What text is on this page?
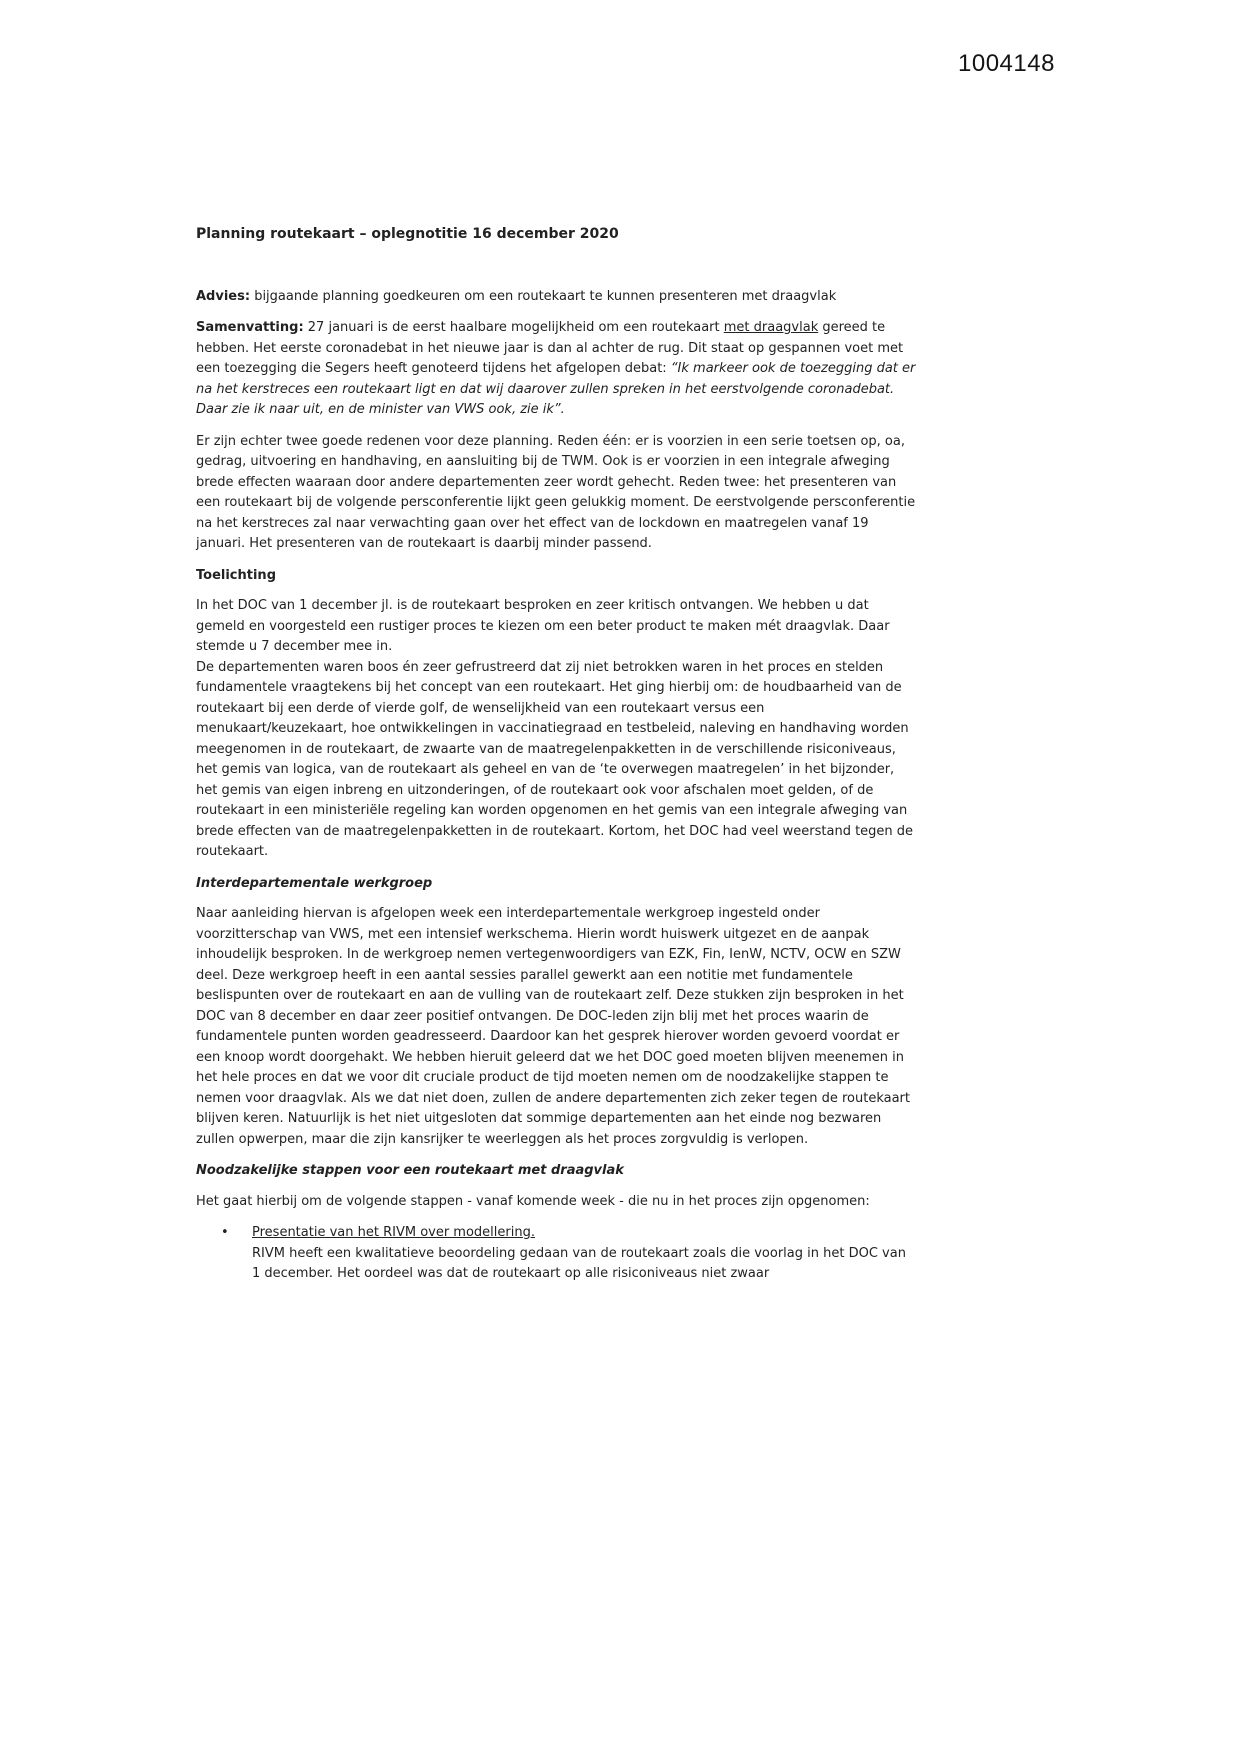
1004148

Planning routekaart – oplegnotitie 16 december 2020

Advies: bijgaande planning goedkeuren om een routekaart te kunnen presenteren met draagvlak

Samenvatting: 27 januari is de eerst haalbare mogelijkheid om een routekaart met draagvlak gereed te hebben. Het eerste coronadebat in het nieuwe jaar is dan al achter de rug. Dit staat op gespannen voet met een toezegging die Segers heeft genoteerd tijdens het afgelopen debat: “Ik markeer ook de toezegging dat er na het kerstreces een routekaart ligt en dat wij daarover zullen spreken in het eerstvolgende coronadebat. Daar zie ik naar uit, en de minister van VWS ook, zie ik”.

Er zijn echter twee goede redenen voor deze planning. Reden één: er is voorzien in een serie toetsen op, oa, gedrag, uitvoering en handhaving, en aansluiting bij de TWM. Ook is er voorzien in een integrale afweging brede effecten waaraan door andere departementen zeer wordt gehecht. Reden twee: het presenteren van een routekaart bij de volgende persconferentie lijkt geen gelukkig moment. De eerstvolgende persconferentie na het kerstreces zal naar verwachting gaan over het effect van de lockdown en maatregelen vanaf 19 januari. Het presenteren van de routekaart is daarbij minder passend.

Toelichting

In het DOC van 1 december jl. is de routekaart besproken en zeer kritisch ontvangen. We hebben u dat gemeld en voorgesteld een rustiger proces te kiezen om een beter product te maken mét draagvlak. Daar stemde u 7 december mee in.
De departementen waren boos én zeer gefrustreerd dat zij niet betrokken waren in het proces en stelden fundamentele vraagtekens bij het concept van een routekaart. Het ging hierbij om: de houdbaarheid van de routekaart bij een derde of vierde golf, de wenselijkheid van een routekaart versus een menukaart/keuzekaart, hoe ontwikkelingen in vaccinatiegraad en testbeleid, naleving en handhaving worden meegenomen in de routekaart, de zwaarte van de maatregelenpakketten in de verschillende risiconiveaus, het gemis van logica, van de routekaart als geheel en van de ‘te overwegen maatregelen’ in het bijzonder, het gemis van eigen inbreng en uitzonderingen, of de routekaart ook voor afschalen moet gelden, of de routekaart in een ministeriële regeling kan worden opgenomen en het gemis van een integrale afweging van brede effecten van de maatregelenpakketten in de routekaart. Kortom, het DOC had veel weerstand tegen de routekaart.

Interdepartementale werkgroep

Naar aanleiding hiervan is afgelopen week een interdepartementale werkgroep ingesteld onder voorzitterschap van VWS, met een intensief werkschema. Hierin wordt huiswerk uitgezet en de aanpak inhoudelijk besproken. In de werkgroep nemen vertegenwoordigers van EZK, Fin, IenW, NCTV, OCW en SZW deel. Deze werkgroep heeft in een aantal sessies parallel gewerkt aan een notitie met fundamentele beslispunten over de routekaart en aan de vulling van de routekaart zelf. Deze stukken zijn besproken in het DOC van 8 december en daar zeer positief ontvangen. De DOC-leden zijn blij met het proces waarin de fundamentele punten worden geadresseerd. Daardoor kan het gesprek hierover worden gevoerd voordat er een knoop wordt doorgehakt. We hebben hieruit geleerd dat we het DOC goed moeten blijven meenemen in het hele proces en dat we voor dit cruciale product de tijd moeten nemen om de noodzakelijke stappen te nemen voor draagvlak. Als we dat niet doen, zullen de andere departementen zich zeker tegen de routekaart blijven keren. Natuurlijk is het niet uitgesloten dat sommige departementen aan het einde nog bezwaren zullen opwerpen, maar die zijn kansrijker te weerleggen als het proces zorgvuldig is verlopen.

Noodzakelijke stappen voor een routekaart met draagvlak

Het gaat hierbij om de volgende stappen - vanaf komende week - die nu in het proces zijn opgenomen:

• Presentatie van het RIVM over modellering.
RIVM heeft een kwalitatieve beoordeling gedaan van de routekaart zoals die voorlag in het DOC van 1 december. Het oordeel was dat de routekaart op alle risiconiveaus niet zwaar
